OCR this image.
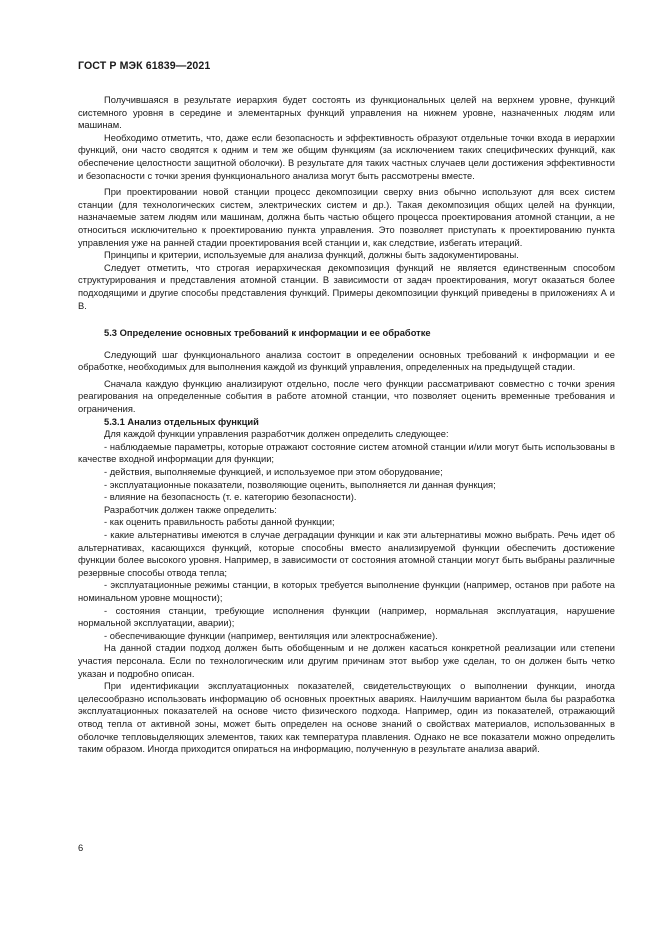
ГОСТ Р МЭК 61839—2021

Получившаяся в результате иерархия будет состоять из функциональных целей на верхнем уровне, функций системного уровня в середине и элементарных функций управления на нижнем уровне, назначенных людям или машинам.

Необходимо отметить, что, даже если безопасность и эффективность образуют отдельные точки входа в иерархии функций, они часто сводятся к одним и тем же общим функциям (за исключением таких специфических функций, как обеспечение целостности защитной оболочки). В результате для таких частных случаев цели достижения эффективности и безопасности с точки зрения функционального анализа могут быть рассмотрены вместе.

При проектировании новой станции процесс декомпозиции сверху вниз обычно используют для всех систем станции (для технологических систем, электрических систем и др.). Такая декомпозиция общих целей на функции, назначаемые затем людям или машинам, должна быть частью общего процесса проектирования атомной станции, а не относиться исключительно к проектированию пункта управления. Это позволяет приступать к проектированию пункта управления уже на ранней стадии проектирования всей станции и, как следствие, избегать итераций.

Принципы и критерии, используемые для анализа функций, должны быть задокументированы.

Следует отметить, что строгая иерархическая декомпозиция функций не является единственным способом структурирования и представления атомной станции. В зависимости от задач проектирования, могут оказаться более подходящими и другие способы представления функций. Примеры декомпозиции функций приведены в приложениях А и В.

5.3 Определение основных требований к информации и ее обработке

Следующий шаг функционального анализа состоит в определении основных требований к информации и ее обработке, необходимых для выполнения каждой из функций управления, определенных на предыдущей стадии.

Сначала каждую функцию анализируют отдельно, после чего функции рассматривают совместно с точки зрения реагирования на определенные события в работе атомной станции, что позволяет оценить временные требования и ограничения.

5.3.1 Анализ отдельных функций

Для каждой функции управления разработчик должен определить следующее:

- наблюдаемые параметры, которые отражают состояние систем атомной станции и/или могут быть использованы в качестве входной информации для функции;

- действия, выполняемые функцией, и используемое при этом оборудование;

- эксплуатационные показатели, позволяющие оценить, выполняется ли данная функция;

- влияние на безопасность (т. е. категорию безопасности).

Разработчик должен также определить:

- как оценить правильность работы данной функции;

- какие альтернативы имеются в случае деградации функции и как эти альтернативы можно выбрать. Речь идет об альтернативах, касающихся функций, которые способны вместо анализируемой функции обеспечить достижение функции более высокого уровня. Например, в зависимости от состояния атомной станции могут быть выбраны различные резервные способы отвода тепла;

- эксплуатационные режимы станции, в которых требуется выполнение функции (например, останов при работе на номинальном уровне мощности);

- состояния станции, требующие исполнения функции (например, нормальная эксплуатация, нарушение нормальной эксплуатации, аварии);

- обеспечивающие функции (например, вентиляция или электроснабжение).

На данной стадии подход должен быть обобщенным и не должен касаться конкретной реализации или степени участия персонала. Если по технологическим или другим причинам этот выбор уже сделан, то он должен быть четко указан и подробно описан.

При идентификации эксплуатационных показателей, свидетельствующих о выполнении функции, иногда целесообразно использовать информацию об основных проектных авариях. Наилучшим вариантом была бы разработка эксплуатационных показателей на основе чисто физического подхода. Например, один из показателей, отражающий отвод тепла от активной зоны, может быть определен на основе знаний о свойствах материалов, использованных в оболочке тепловыделяющих элементов, таких как температура плавления. Однако не все показатели можно определить таким образом. Иногда приходится опираться на информацию, полученную в результате анализа аварий.

6
